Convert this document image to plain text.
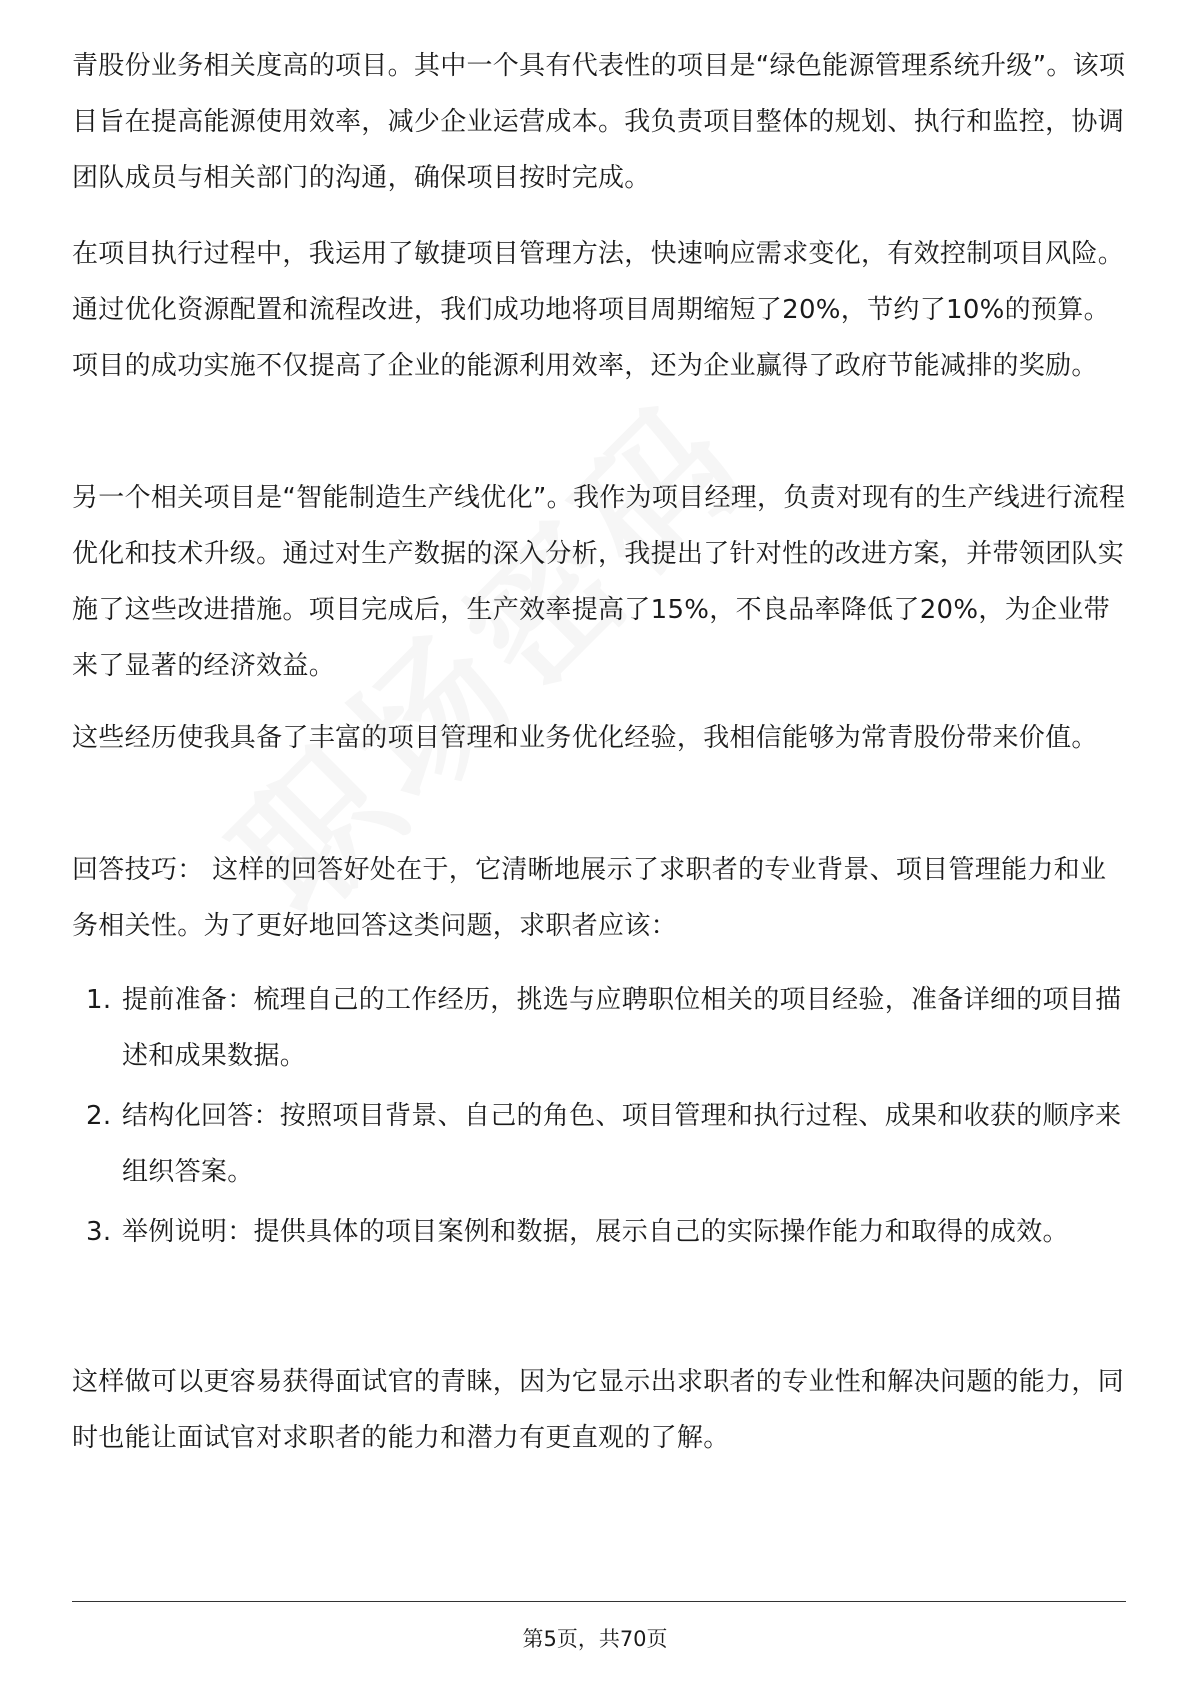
青股份业务相关度高的项目。其中一个具有代表性的项目是“绿色能源管理系统升级”。该项目旨在提高能源使用效率，减少企业运营成本。我负责项目整体的规划、执行和监控，协调团队成员与相关部门的沟通，确保项目按时完成。

在项目执行过程中，我运用了敏捷项目管理方法，快速响应需求变化，有效控制项目风险。通过优化资源配置和流程改进，我们成功地将项目周期缩短了20%，节约了10%的预算。项目的成功实施不仅提高了企业的能源利用效率，还为企业赢得了政府节能减排的奖励。

另一个相关项目是“智能制造生产线优化”。我作为项目经理，负责对现有的生产线进行流程优化和技术升级。通过对生产数据的深入分析，我提出了针对性的改进方案，并带领团队实施了这些改进措施。项目完成后，生产效率提高了15%，不良品率降低了20%，为企业带来了显著的经济效益。

这些经历使我具备了丰富的项目管理和业务优化经验，我相信能够为常青股份带来价值。

回答技巧： 这样的回答好处在于，它清晰地展示了求职者的专业背景、项目管理能力和业务相关性。为了更好地回答这类问题，求职者应该：

1. 提前准备：梳理自己的工作经历，挑选与应聘职位相关的项目经验，准备详细的项目描述和成果数据。
2. 结构化回答：按照项目背景、自己的角色、项目管理和执行过程、成果和收获的顺序来组织答案。
3. 举例说明：提供具体的项目案例和数据，展示自己的实际操作能力和取得的成效。

这样做可以更容易获得面试官的青睐，因为它显示出求职者的专业性和解决问题的能力，同时也能让面试官对求职者的能力和潜力有更直观的了解。

第5页，共70页
